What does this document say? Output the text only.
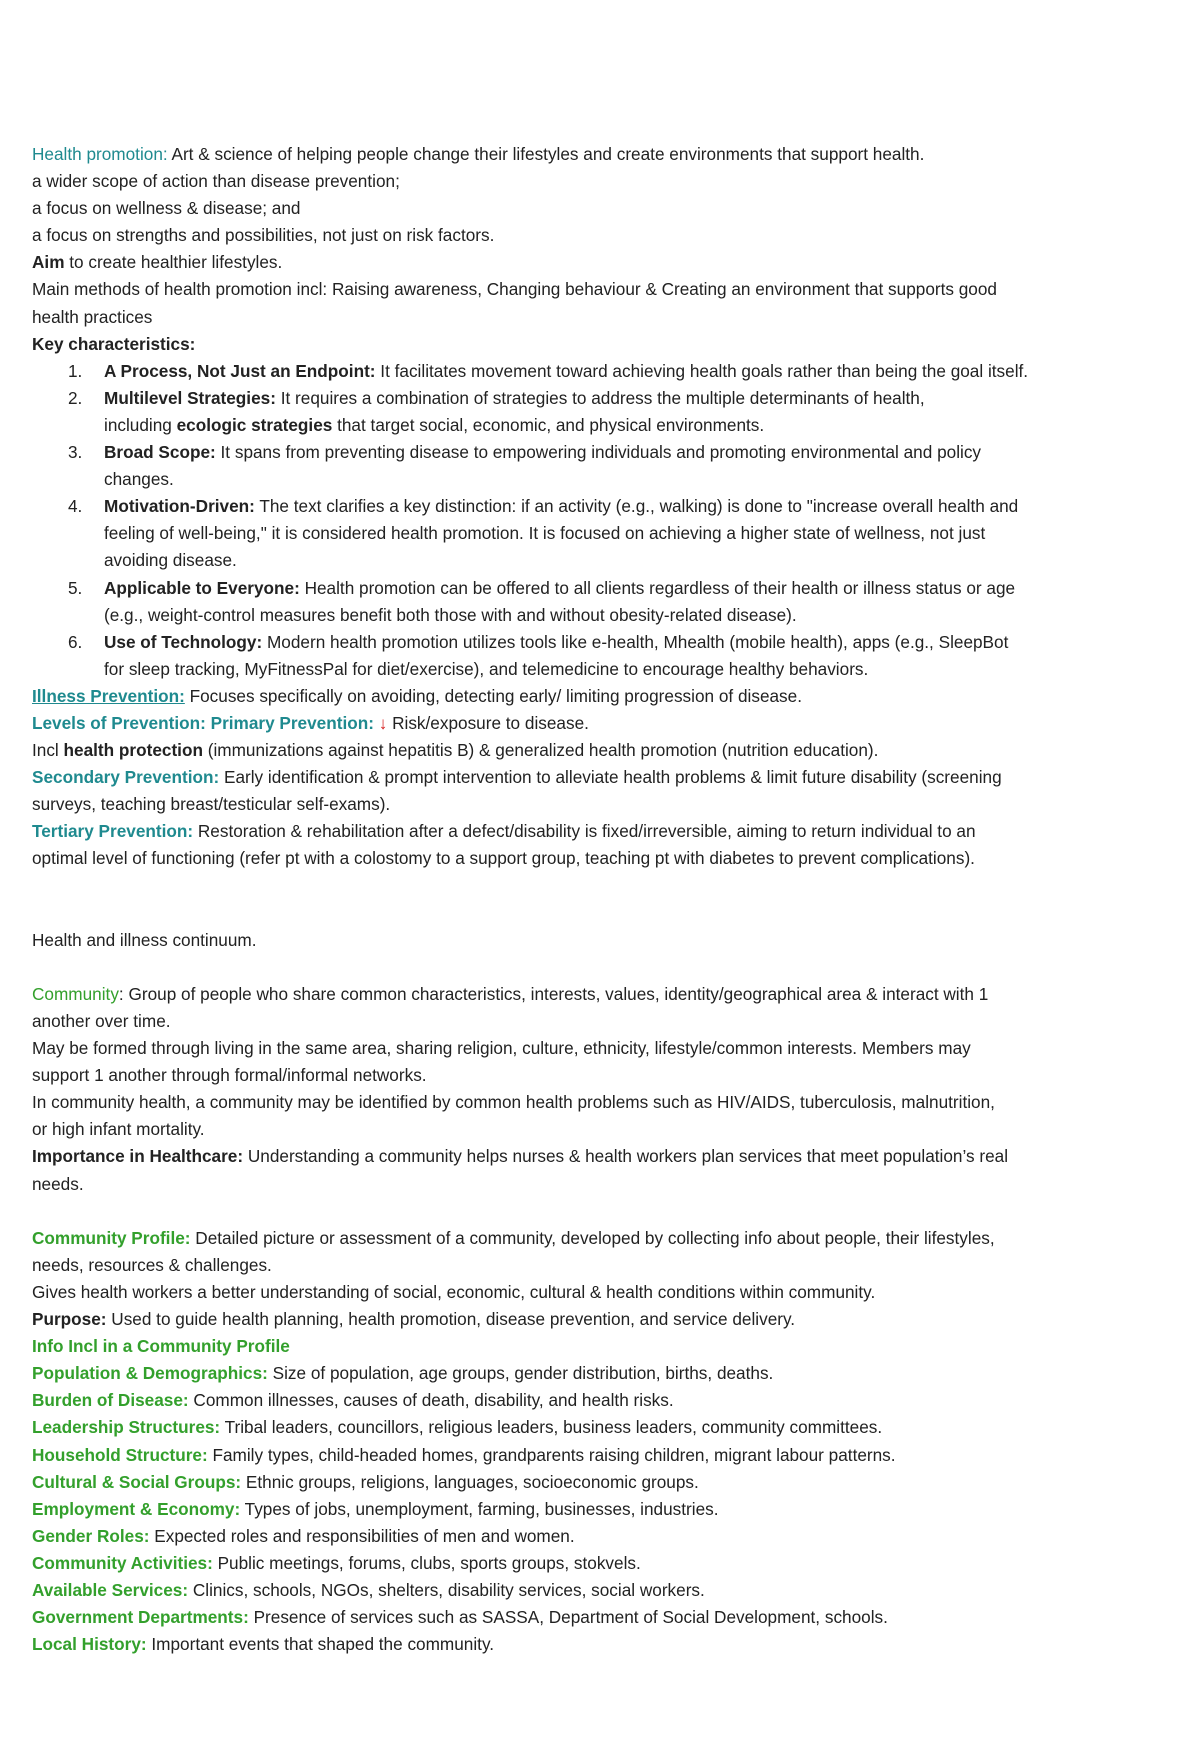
Health promotion: Art & science of helping people change their lifestyles and create environments that support health.
a wider scope of action than disease prevention;
a focus on wellness & disease; and
a focus on strengths and possibilities, not just on risk factors.
Aim to create healthier lifestyles.
Main methods of health promotion incl: Raising awareness, Changing behaviour & Creating an environment that supports good
health practices
Key characteristics:
1. A Process, Not Just an Endpoint: It facilitates movement toward achieving health goals rather than being the goal itself.
2. Multilevel Strategies: It requires a combination of strategies to address the multiple determinants of health,
including ecologic strategies that target social, economic, and physical environments.
3. Broad Scope: It spans from preventing disease to empowering individuals and promoting environmental and policy
changes.
4. Motivation-Driven: The text clarifies a key distinction: if an activity (e.g., walking) is done to "increase overall health and
feeling of well-being," it is considered health promotion. It is focused on achieving a higher state of wellness, not just
avoiding disease.
5. Applicable to Everyone: Health promotion can be offered to all clients regardless of their health or illness status or age
(e.g., weight-control measures benefit both those with and without obesity-related disease).
6. Use of Technology: Modern health promotion utilizes tools like e-health, Mhealth (mobile health), apps (e.g., SleepBot
for sleep tracking, MyFitnessPal for diet/exercise), and telemedicine to encourage healthy behaviors.
Illness Prevention: Focuses specifically on avoiding, detecting early/ limiting progression of disease.
Levels of Prevention: Primary Prevention: ↓ Risk/exposure to disease.
Incl health protection (immunizations against hepatitis B) & generalized health promotion (nutrition education).
Secondary Prevention: Early identification & prompt intervention to alleviate health problems & limit future disability (screening
surveys, teaching breast/testicular self-exams).
Tertiary Prevention: Restoration & rehabilitation after a defect/disability is fixed/irreversible, aiming to return individual to an
optimal level of functioning (refer pt with a colostomy to a support group, teaching pt with diabetes to prevent complications).
Health and illness continuum.
Community: Group of people who share common characteristics, interests, values, identity/geographical area & interact with 1
another over time.
May be formed through living in the same area, sharing religion, culture, ethnicity, lifestyle/common interests. Members may
support 1 another through formal/informal networks.
In community health, a community may be identified by common health problems such as HIV/AIDS, tuberculosis, malnutrition,
or high infant mortality.
Importance in Healthcare: Understanding a community helps nurses & health workers plan services that meet population’s real
needs.
Community Profile: Detailed picture or assessment of a community, developed by collecting info about people, their lifestyles,
needs, resources & challenges.
Gives health workers a better understanding of social, economic, cultural & health conditions within community.
Purpose: Used to guide health planning, health promotion, disease prevention, and service delivery.
Info Incl in a Community Profile
Population & Demographics: Size of population, age groups, gender distribution, births, deaths.
Burden of Disease: Common illnesses, causes of death, disability, and health risks.
Leadership Structures: Tribal leaders, councillors, religious leaders, business leaders, community committees.
Household Structure: Family types, child-headed homes, grandparents raising children, migrant labour patterns.
Cultural & Social Groups: Ethnic groups, religions, languages, socioeconomic groups.
Employment & Economy: Types of jobs, unemployment, farming, businesses, industries.
Gender Roles: Expected roles and responsibilities of men and women.
Community Activities: Public meetings, forums, clubs, sports groups, stokvels.
Available Services: Clinics, schools, NGOs, shelters, disability services, social workers.
Government Departments: Presence of services such as SASSA, Department of Social Development, schools.
Local History: Important events that shaped the community.
